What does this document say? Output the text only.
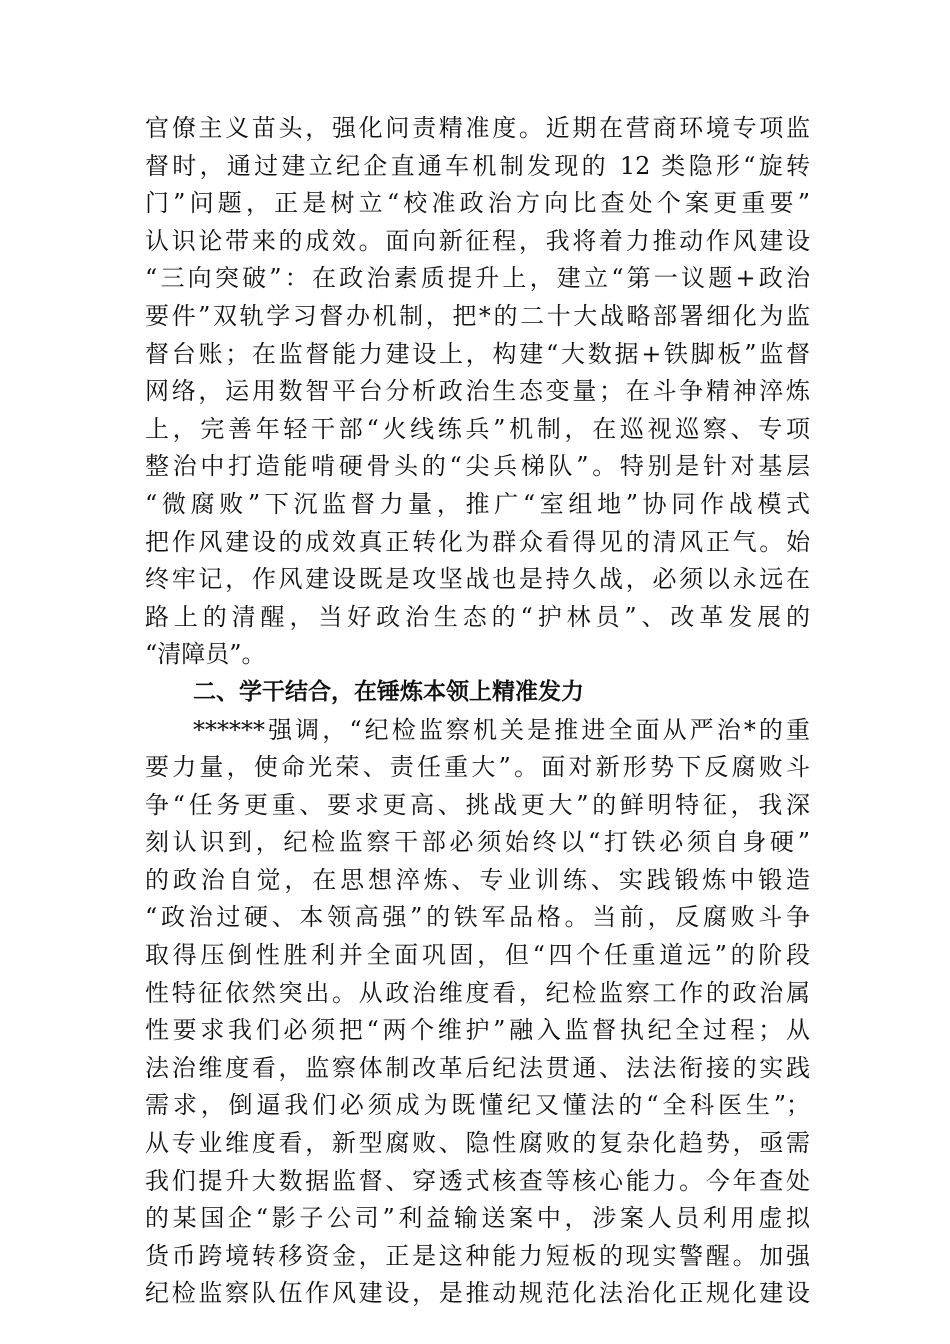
官僚主义苗头，强化问责精准度。近期在营商环境专项监
督时，通过建立纪企直通车机制发现的 12 类隐形“旋转
门”问题，正是树立“校准政治方向比查处个案更重要”
认识论带来的成效。面向新征程，我将着力推动作风建设
“三向突破”：在政治素质提升上，建立“第一议题+政治
要件”双轨学习督办机制，把*的二十大战略部署细化为监
督台账；在监督能力建设上，构建“大数据+铁脚板”监督
网络，运用数智平台分析政治生态变量；在斗争精神淬炼
上，完善年轻干部“火线练兵”机制，在巡视巡察、专项
整治中打造能啃硬骨头的“尖兵梯队”。特别是针对基层
“微腐败”下沉监督力量，推广“室组地”协同作战模式
把作风建设的成效真正转化为群众看得见的清风正气。始
终牢记，作风建设既是攻坚战也是持久战，必须以永远在
路上的清醒，当好政治生态的“护林员”、改革发展的
“清障员”。
二、学干结合，在锤炼本领上精准发力
******强调，“纪检监察机关是推进全面从严治*的重
要力量，使命光荣、责任重大”。面对新形势下反腐败斗
争“任务更重、要求更高、挑战更大”的鲜明特征，我深
刻认识到，纪检监察干部必须始终以“打铁必须自身硬”
的政治自觉，在思想淬炼、专业训练、实践锻炼中锻造
“政治过硬、本领高强”的铁军品格。当前，反腐败斗争
取得压倒性胜利并全面巩固，但“四个任重道远”的阶段
性特征依然突出。从政治维度看，纪检监察工作的政治属
性要求我们必须把“两个维护”融入监督执纪全过程；从
法治维度看，监察体制改革后纪法贯通、法法衔接的实践
需求，倒逼我们必须成为既懂纪又懂法的“全科医生”；
从专业维度看，新型腐败、隐性腐败的复杂化趋势，亟需
我们提升大数据监督、穿透式核查等核心能力。今年查处
的某国企“影子公司”利益输送案中，涉案人员利用虚拟
货币跨境转移资金，正是这种能力短板的现实警醒。加强
纪检监察队伍作风建设，是推动规范化法治化正规化建设
